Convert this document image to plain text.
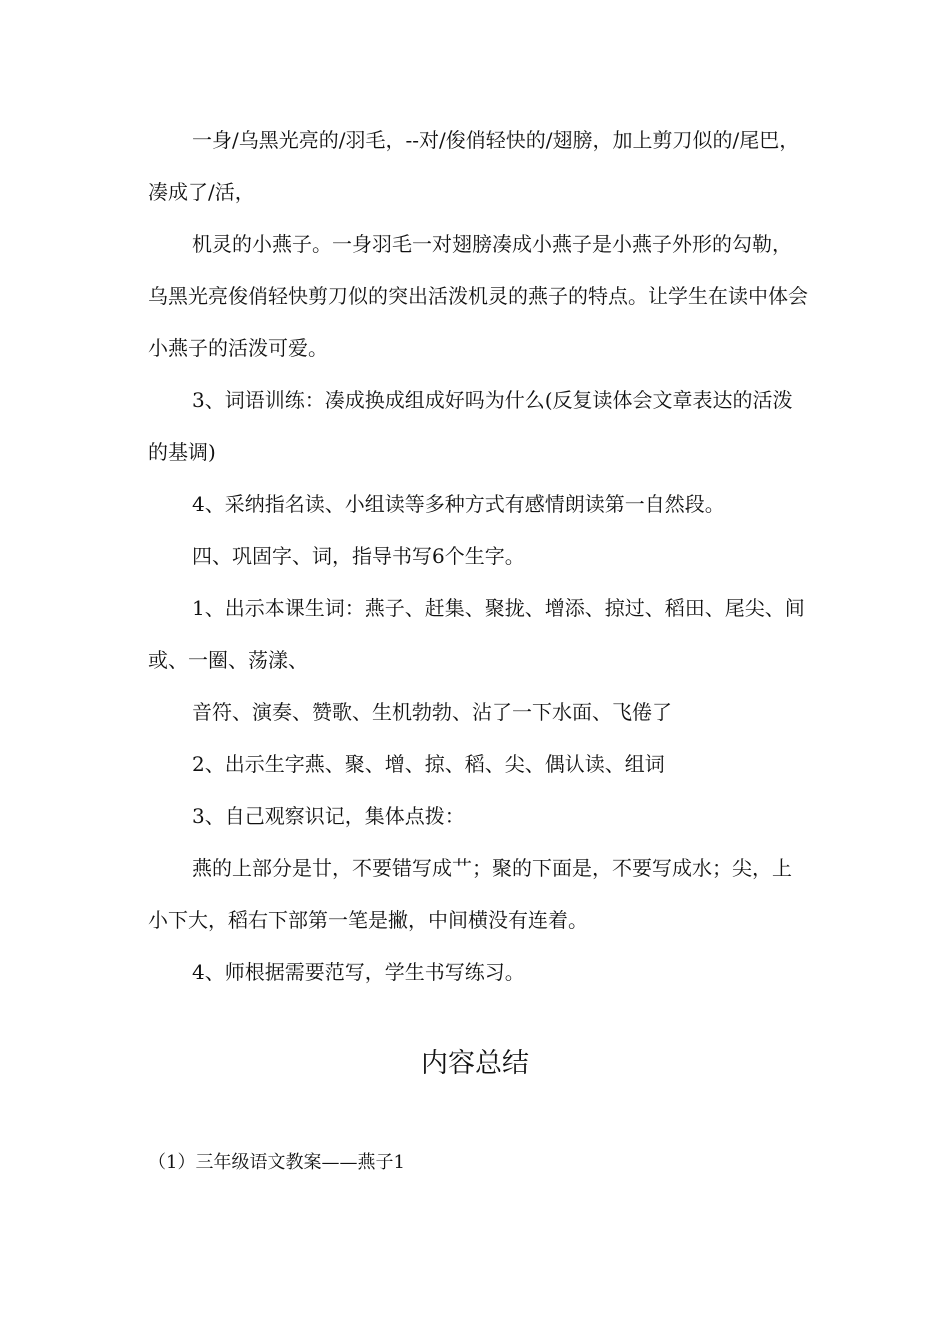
一身/乌黑光亮的/羽毛，--对/俊俏轻快的/翅膀，加上剪刀似的/尾巴，凑成了/活，

机灵的小燕子。一身羽毛一对翅膀凑成小燕子是小燕子外形的勾勒，乌黑光亮俊俏轻快剪刀似的突出活泼机灵的燕子的特点。让学生在读中体会小燕子的活泼可爱。

3、词语训练：凑成换成组成好吗为什么(反复读体会文章表达的活泼的基调)

4、采纳指名读、小组读等多种方式有感情朗读第一自然段。

四、巩固字、词，指导书写6个生字。

1、出示本课生词：燕子、赶集、聚拢、增添、掠过、稻田、尾尖、间或、一圈、荡漾、

音符、演奏、赞歌、生机勃勃、沾了一下水面、飞倦了

2、出示生字燕、聚、增、掠、稻、尖、偶认读、组词

3、自己观察识记，集体点拨：

燕的上部分是廿，不要错写成艹；聚的下面是，不要写成水；尖，上小下大，稻右下部第一笔是撇，中间横没有连着。

4、师根据需要范写，学生书写练习。

内容总结

（1）三年级语文教案——燕子1
